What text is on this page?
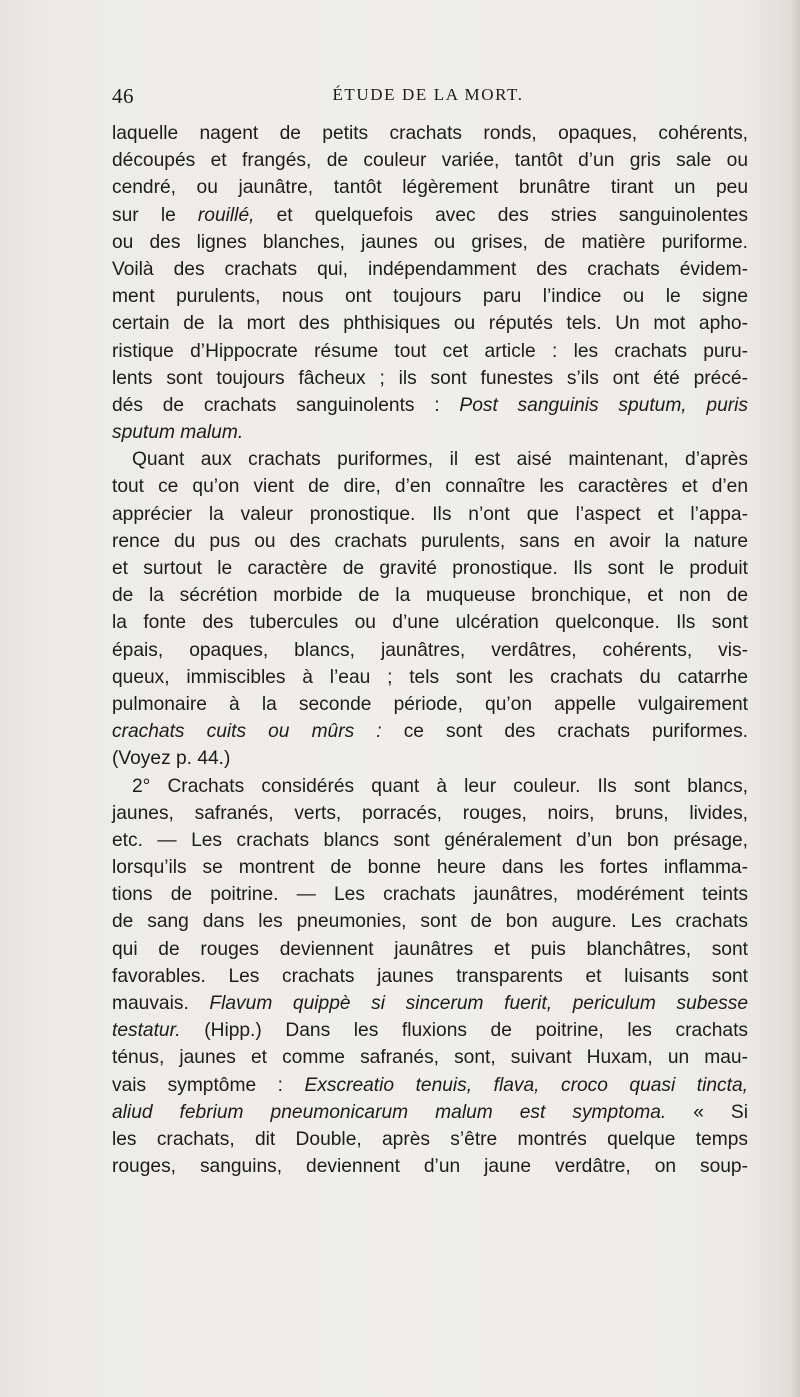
46	ÉTUDE DE LA MORT.
laquelle nagent de petits crachats ronds, opaques, cohérents,
découpés et frangés, de couleur variée, tantôt d’un gris sale ou
cendré, ou jaunâtre, tantôt légèrement brunâtre tirant un peu
sur le rouillé, et quelquefois avec des stries sanguinolentes
ou des lignes blanches, jaunes ou grises, de matière puriforme.
Voilà des crachats qui, indépendamment des crachats évidem-
ment purulents, nous ont toujours paru l’indice ou le signe
certain de la mort des phthisiques ou réputés tels. Un mot apho-
ristique d’Hippocrate résume tout cet article : les crachats puru-
lents sont toujours fâcheux ; ils sont funestes s’ils ont été précé-
dés de crachats sanguinolents : Post sanguinis sputum, puris
sputum malum.
Quant aux crachats puriformes, il est aisé maintenant, d’après
tout ce qu’on vient de dire, d’en connaître les caractères et d’en
apprécier la valeur pronostique. Ils n’ont que l’aspect et l’appa-
rence du pus ou des crachats purulents, sans en avoir la nature
et surtout le caractère de gravité pronostique. Ils sont le produit
de la sécrétion morbide de la muqueuse bronchique, et non de
la fonte des tubercules ou d’une ulcération quelconque. Ils sont
épais, opaques, blancs, jaunâtres, verdâtres, cohérents, vis-
queux, immiscibles à l’eau ; tels sont les crachats du catarrhe
pulmonaire à la seconde période, qu’on appelle vulgairement
crachats cuits ou mûrs : ce sont des crachats puriformes.
(Voyez p. 44.)
2° Crachats considérés quant à leur couleur. Ils sont blancs,
jaunes, safranés, verts, porracés, rouges, noirs, bruns, livides,
etc. — Les crachats blancs sont généralement d’un bon présage,
lorsqu’ils se montrent de bonne heure dans les fortes inflamma-
tions de poitrine. — Les crachats jaunâtres, modérément teints
de sang dans les pneumonies, sont de bon augure. Les crachats
qui de rouges deviennent jaunâtres et puis blanchâtres, sont
favorables. Les crachats jaunes transparents et luisants sont
mauvais. Flavum quippè si sincerum fuerit, periculum subesse
testatur. (Hipp.) Dans les fluxions de poitrine, les crachats
ténus, jaunes et comme safranés, sont, suivant Huxam, un mau-
vais symptôme : Exscreatio tenuis, flava, croco quasi tincta,
aliud febrium pneumonicarum malum est symptoma. « Si
les crachats, dit Double, après s’être montrés quelque temps
rouges, sanguins, deviennent d’un jaune verdâtre, on soup-
